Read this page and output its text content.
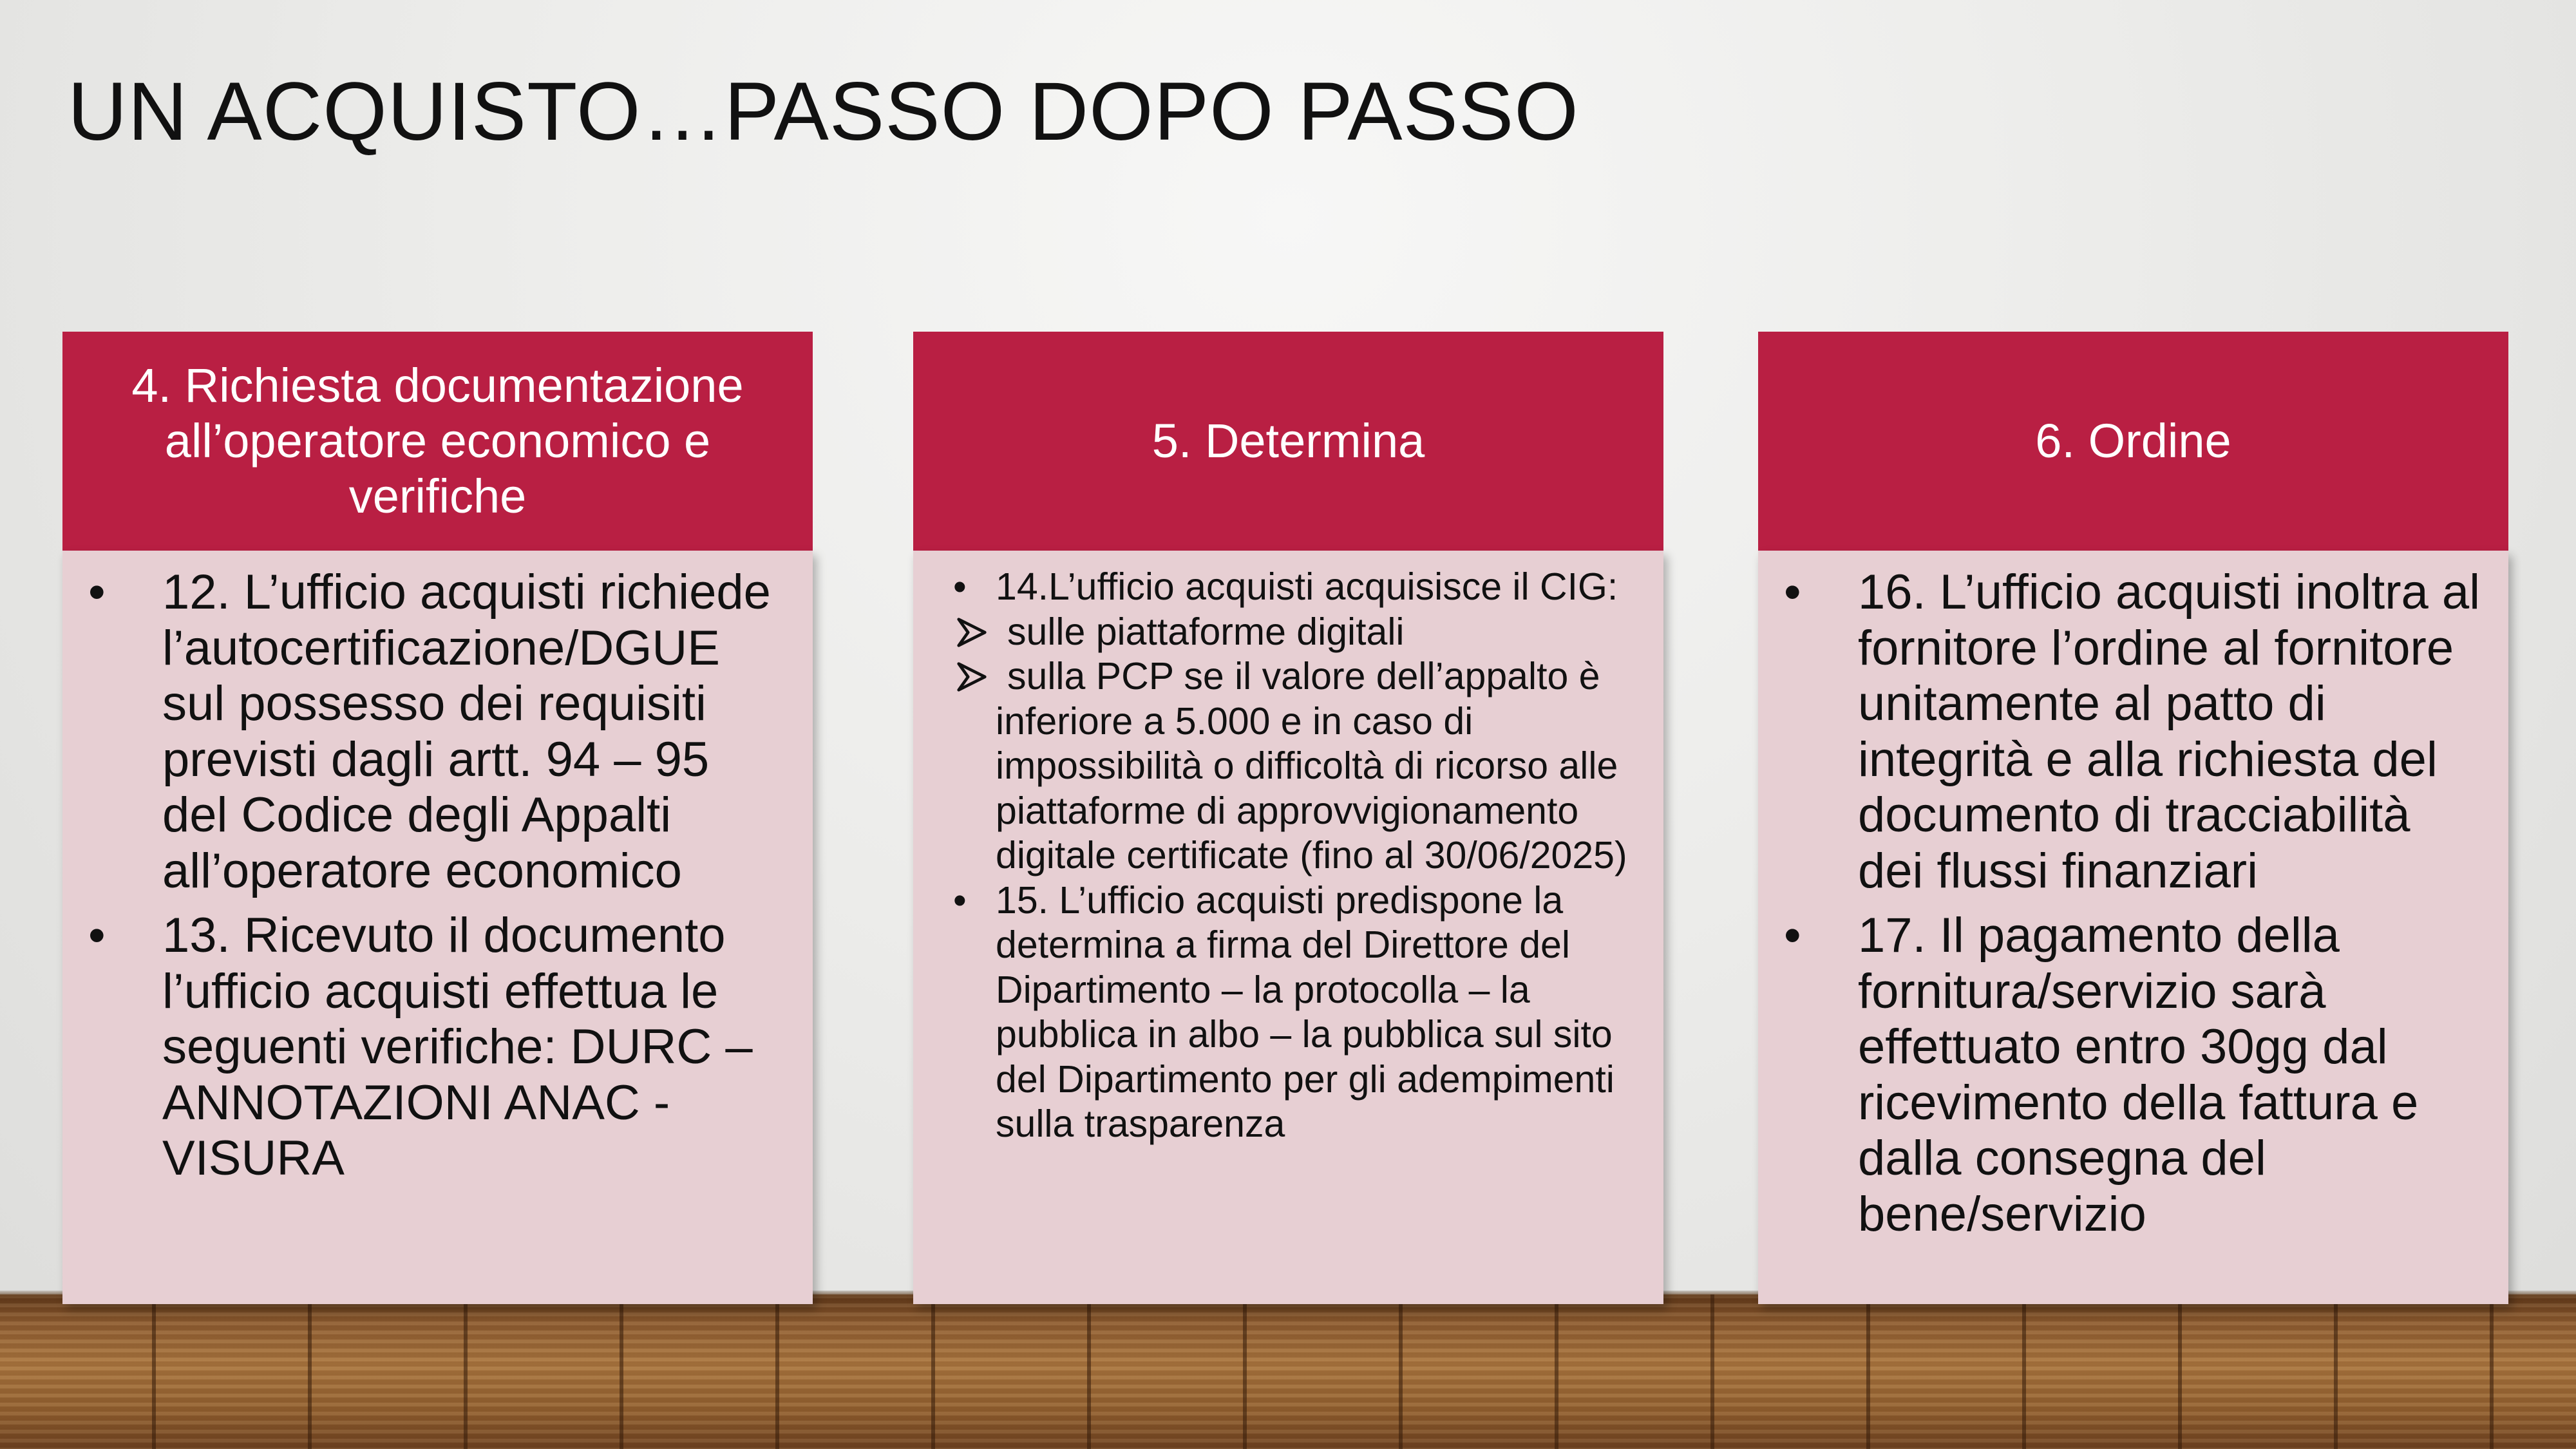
UN ACQUISTO…PASSO DOPO PASSO
4. Richiesta documentazione all’operatore economico e verifiche
• 12. L’ufficio acquisti richiede l’autocertificazione/DGUE sul possesso dei requisiti previsti dagli artt. 94 – 95 del Codice degli Appalti all’operatore economico
• 13. Ricevuto il documento l’ufficio acquisti effettua le seguenti verifiche: DURC – ANNOTAZIONI ANAC - VISURA
5. Determina
• 14.L’ufficio acquisti acquisisce il CIG:
sulle piattaforme digitali
sulla PCP se il valore dell’appalto è inferiore a 5.000 e in caso di impossibilità o difficoltà di ricorso alle piattaforme di approvvigionamento digitale certificate (fino al 30/06/2025)
• 15. L’ufficio acquisti predispone la determina a firma del Direttore del Dipartimento – la protocolla – la pubblica in albo – la pubblica sul sito del Dipartimento per gli adempimenti sulla trasparenza
6. Ordine
• 16. L’ufficio acquisti inoltra al fornitore l’ordine al fornitore unitamente al patto di integrità e alla richiesta del documento di tracciabilità dei flussi finanziari
• 17. Il pagamento della fornitura/servizio sarà effettuato entro 30gg dal ricevimento della fattura e dalla consegna del bene/servizio
